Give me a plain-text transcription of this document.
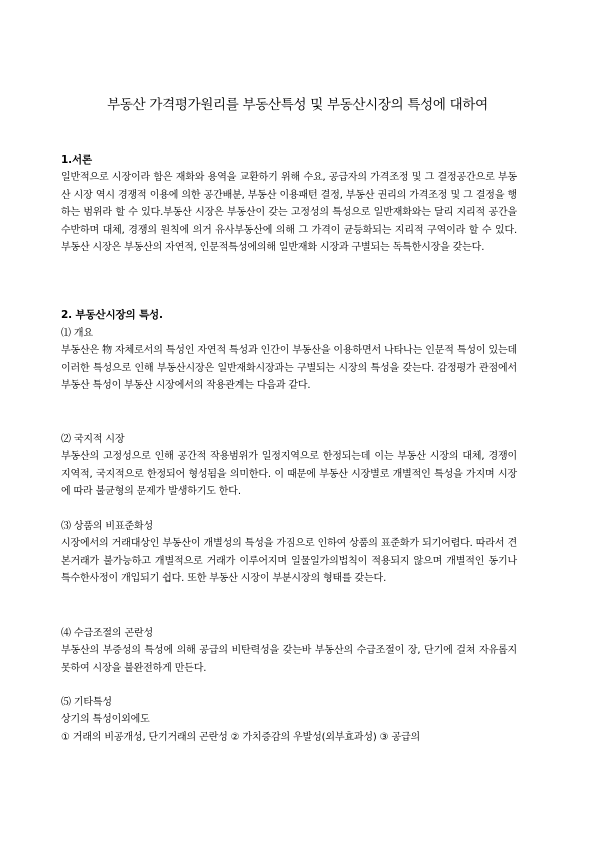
부동산 가격평가원리를 부동산특성 및 부동산시장의 특성에 대하여

1.서론

일반적으로 시장이라 함은 재화와 용역을 교환하기 위해 수요, 공급자의 가격조정 및 그 결정공간으로 부동산 시장 역시 경쟁적 이용에 의한 공간배분, 부동산 이용패턴 결정, 부동산 권리의 가격조정 및 그 결정을 행하는 범위라 할 수 있다.부동산 시장은 부동산이 갖는 고정성의 특성으로 일반재화와는 달리 지리적 공간을 수반하며 대체, 경쟁의 원칙에 의거 유사부동산에 의해 그 가격이 균등화되는 지리적 구역이라 할 수 있다. 부동산 시장은 부동산의 자연적, 인문적특성에의해 일반재화 시장과 구별되는 독특한시장을 갖는다.

2. 부동산시장의 특성.

⑴ 개요

부동산은 物 자체로서의 특성인 자연적 특성과 인간이 부동산을 이용하면서 나타나는 인문적 특성이 있는데 이러한 특성으로 인해 부동산시장은 일반재화시장과는 구별되는 시장의 특성을 갖는다. 감정평가 관점에서 부동산 특성이 부동산 시장에서의 작용관계는 다음과 같다.

⑵ 국지적 시장

부동산의 고정성으로 인해 공간적 작용범위가 일정지역으로 한정되는데 이는 부동산 시장의 대체, 경쟁이 지역적, 국지적으로 한정되어 형성됨을 의미한다. 이 때문에 부동산 시장별로 개별적인 특성을 가지며 시장에 따라 불균형의 문제가 발생하기도 한다.

⑶ 상품의 비표준화성

시장에서의 거래대상인 부동산이 개별성의 특성을 가짐으로 인하여 상품의 표준화가 되기어렵다. 따라서 견본거래가 불가능하고 개별적으로 거래가 이루어지며 일물일가의법칙이 적용되지 않으며 개별적인 동기나 특수한사정이 개입되기 쉽다. 또한 부동산 시장이 부분시장의 형태를 갖는다.

⑷ 수급조절의 곤란성

부동산의 부증성의 특성에 의해 공급의 비탄력성을 갖는바 부동산의 수급조절이 장, 단기에 걸쳐 자유롭지 못하여 시장을 불완전하게 만든다.

⑸ 기타특성

상기의 특성이외에도

① 거래의 비공개성, 단기거래의 곤란성 ② 가치증감의 우발성(외부효과성) ③ 공급의
